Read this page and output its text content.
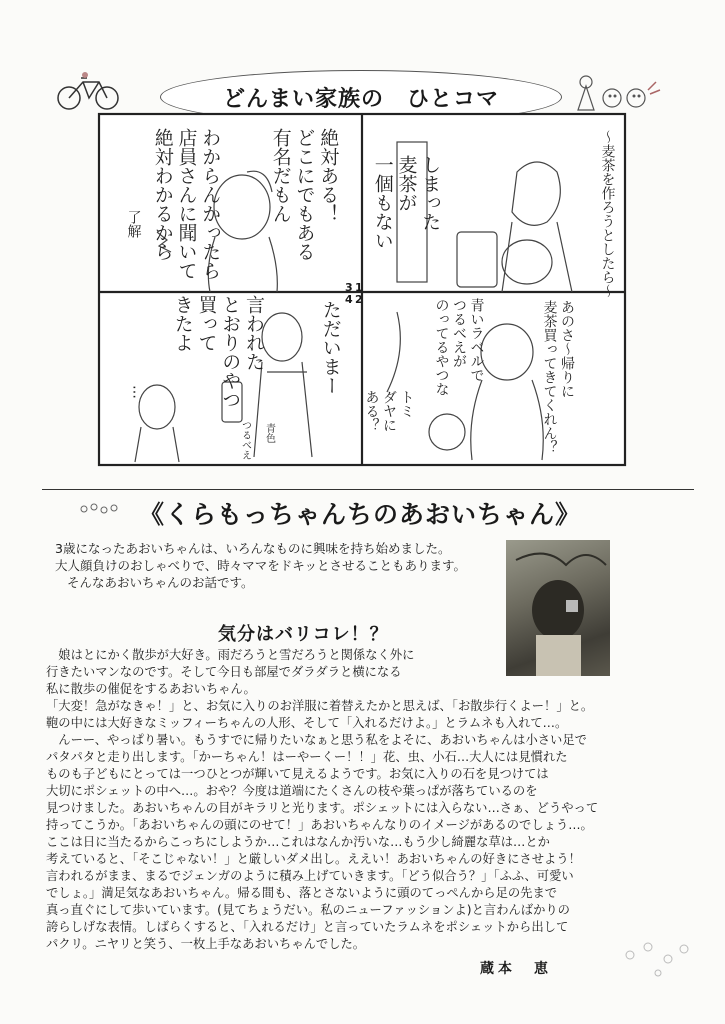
どんまい家族の　ひとコマ
〜麦茶を作ろうとしたら〜
しまった
麦茶が
一個もない
絶対ある！
どこにでもある
有名だもん
わからんかったら
店員さんに聞いて
絶対わかるから
了解
あのさ〜帰りに
麦茶買ってきてくれん？
青いラベルで
つるべえが
のってるやつな
トミ
ダヤに
ある？
ただいまー
言われた
とおりのやつ
買って
きたよ
青色
つるべえ
…
3 1
4 2
《くらもっちゃんちのあおいちゃん》

3歳になったあおいちゃんは、いろんなものに興味を持ち始めました。

大人顔負けのおしゃべりで、時々ママをドキッとさせることもあります。

そんなあおいちゃんのお話です。

気分はバリコレ！？

　娘はとにかく散歩が大好き。雨だろうと雪だろうと関係なく外に

行きたいマンなのです。そして今日も部屋でダラダラと横になる

私に散歩の催促をするあおいちゃん。

「大変！急がなきゃ！」と、お気に入りのお洋服に着替えたかと思えば、「お散歩行くよー！」と。

鞄の中には大好きなミッフィーちゃんの人形、そして「入れるだけよ。」とラムネも入れて…。

　んーー、やっぱり暑い。もうすでに帰りたいなぁと思う私をよそに、あおいちゃんは小さい足で

パタパタと走り出します。「かーちゃん！はーやーくー！！」花、虫、小石…大人には見慣れた

ものも子どもにとっては一つひとつが輝いて見えるようです。お気に入りの石を見つけては

大切にポシェットの中へ…。おや？今度は道端にたくさんの枝や葉っぱが落ちているのを

見つけました。あおいちゃんの目がキラリと光ります。ポシェットには入らない…さぁ、どうやって

持ってこうか。「あおいちゃんの頭にのせて！」あおいちゃんなりのイメージがあるのでしょう…。

ここは日に当たるからこっちにしようか…これはなんか汚いな…もう少し綺麗な草は…とか

考えていると、「そこじゃない！」と厳しいダメ出し。ええい！あおいちゃんの好きにさせよう！

言われるがまま、まるでジェンガのように積み上げていきます。「どう似合う？」「ふふ、可愛い

でしょ。」満足気なあおいちゃん。帰る間も、落とさないように頭のてっぺんから足の先まで

真っ直ぐにして歩いています。(見てちょうだい。私のニューファッションよ)と言わんばかりの

誇らしげな表情。しばらくすると、「入れるだけ」と言っていたラムネをポシェットから出して

パクリ。ニヤリと笑う、一枚上手なあおいちゃんでした。

蔵本　恵
